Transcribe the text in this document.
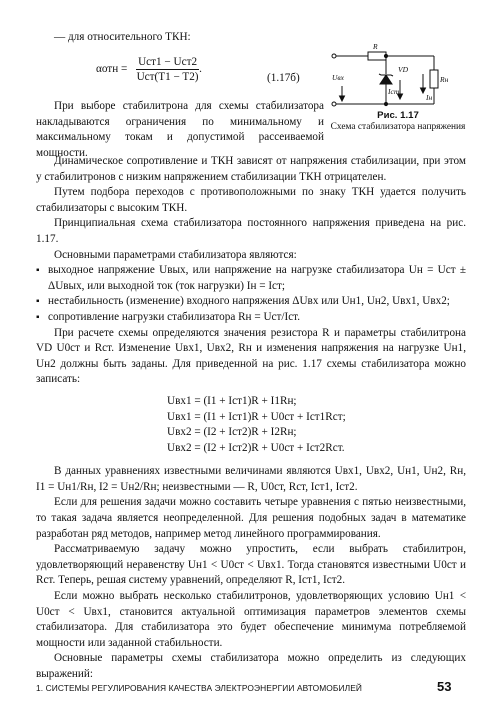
— для относительного ТКН:

$\alpha отн = \frac{\text{Uст1 − Uст2}}{\text{Uст(T1 − T2)}}$ .
(1.17б)
R
VD
Rн
Uвх
Iст
Iн
Рис. 1.17
Схема стабилизатора напряжения

При выборе стабилитрона для схемы стабилизатора накладываются ограничения по минимальному и максимальному токам и допустимой рассеиваемой мощности.

Динамическое сопротивление и ТКН зависят от напряжения стабилизации, при этом у стабилитронов с низким напряжением стабилизации ТКН отрицателен.

Путем подбора переходов с противоположными по знаку ТКН удается получить стабилизаторы с высоким ТКН.

Принципиальная схема стабилизатора постоянного напряжения приведена на рис. 1.17.

Основными параметрами стабилизатора являются:

▪ выходное напряжение Uвых, или напряжение на нагрузке стабилизатора Uн = Uст ± ΔUвых, или выходной ток (ток нагрузки) Iн = Iст;
▪ нестабильность (изменение) входного напряжения ΔUвх или Uн1, Uн2, Uвх1, Uвх2;
▪ сопротивление нагрузки стабилизатора Rн = Uст/Iст.

При расчете схемы определяются значения резистора R и параметры стабилитрона VD U0ст и Rст. Изменение Uвх1, Uвх2, Rн и изменения напряжения на нагрузке Uн1, Uн2 должны быть заданы. Для приведенной на рис. 1.17 схемы стабилизатора можно записать:

Uвх1 = (I1 + Iст1)R + I1Rн;
Uвх1 = (I1 + Iст1)R + U0ст + Iст1Rст;
Uвх2 = (I2 + Iст2)R + I2Rн;
Uвх2 = (I2 + Iст2)R + U0ст + Iст2Rст.

В данных уравнениях известными величинами являются Uвх1, Uвх2, Uн1, Uн2, Rн, I1 = Uн1/Rн, I2 = Uн2/Rн; неизвестными — R, U0ст, Rст, Iст1, Iст2.

Если для решения задачи можно составить четыре уравнения с пятью неизвестными, то такая задача является неопределенной. Для решения подобных задач в математике разработан ряд методов, например метод линейного программирования.

Рассматриваемую задачу можно упростить, если выбрать стабилитрон, удовлетворяющий неравенству Uн1 < U0ст < Uвх1. Тогда становятся известными U0ст и Rст. Теперь, решая систему уравнений, определяют R, Iст1, Iст2.

Если можно выбрать несколько стабилитронов, удовлетворяющих условию Uн1 < U0ст < Uвх1, становится актуальной оптимизация параметров элементов схемы стабилизатора. Для стабилизатора это будет обеспечение минимума потребляемой мощности или заданной стабильности.

Основные параметры схемы стабилизатора можно определить из следующих выражений:

1. СИСТЕМЫ РЕГУЛИРОВАНИЯ КАЧЕСТВА ЭЛЕКТРОЭНЕРГИИ АВТОМОБИЛЕЙ	53
